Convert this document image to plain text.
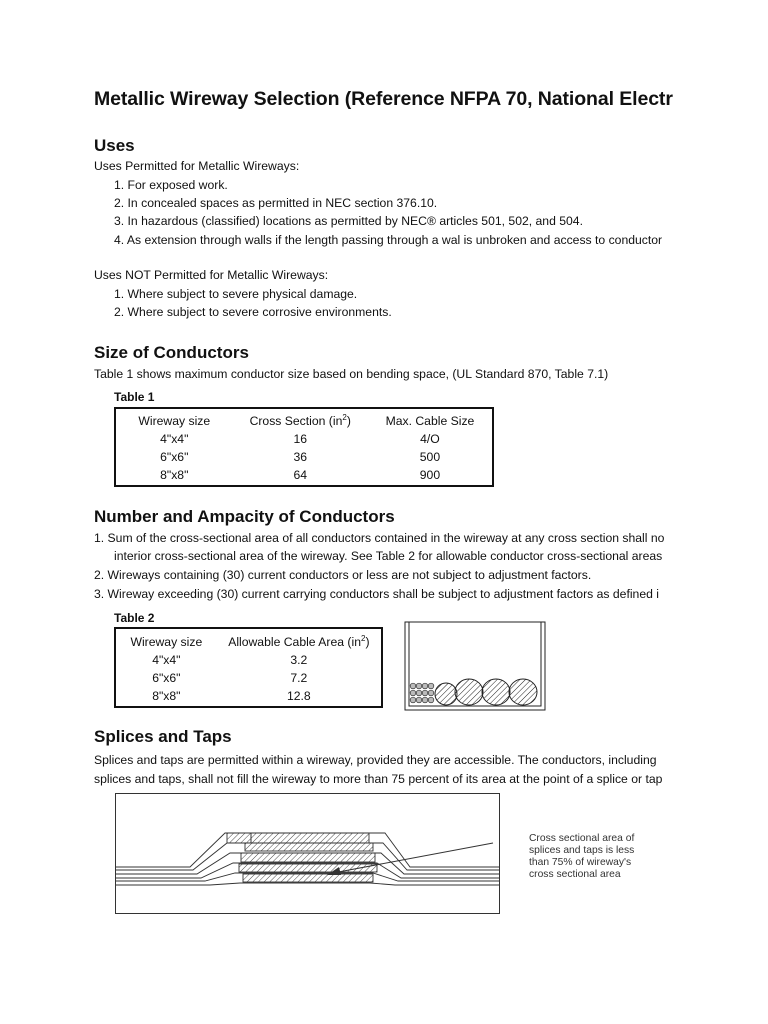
Metallic Wireway Selection (Reference NFPA 70, National Electr
Uses
Uses Permitted for Metallic Wireways:
1. For exposed work.
2. In concealed spaces as permitted in NEC section 376.10.
3. In hazardous (classified) locations as permitted by NEC® articles 501, 502, and 504.
4. As extension through walls if the length passing through a wal is unbroken and access to conductor
Uses NOT Permitted for Metallic Wireways:
1. Where subject to severe physical damage.
2. Where subject to severe corrosive environments.
Size of Conductors
Table 1 shows maximum conductor size based on bending space, (UL Standard 870, Table 7.1)
Table 1
Wireway size	Cross Section $(in^2)$	Max. Cable Size
4"x4"	16	4/O
6"x6"	36	500
8"x8"	64	900
Number and Ampacity of Conductors
1. Sum of the cross-sectional area of all conductors contained in the wireway at any cross section shall no
interior cross-sectional area of the wireway. See Table 2 for allowable conductor cross-sectional areas
2. Wireways containing (30) current conductors or less are not subject to adjustment factors.
3. Wireway exceeding (30) current carrying conductors shall be subject to adjustment factors as defined i
Table 2
Wireway size	Allowable Cable Area $(in^2)$
4"x4"	3.2
6"x6"	7.2
8"x8"	12.8
Splices and Taps
Splices and taps are permitted within a wireway, provided they are accessible. The conductors, including
splices and taps, shall not fill the wireway to more than 75 percent of its area at the point of a splice or tap
Cross sectional area of
splices and taps is less
than 75% of wireway's
cross sectional area
